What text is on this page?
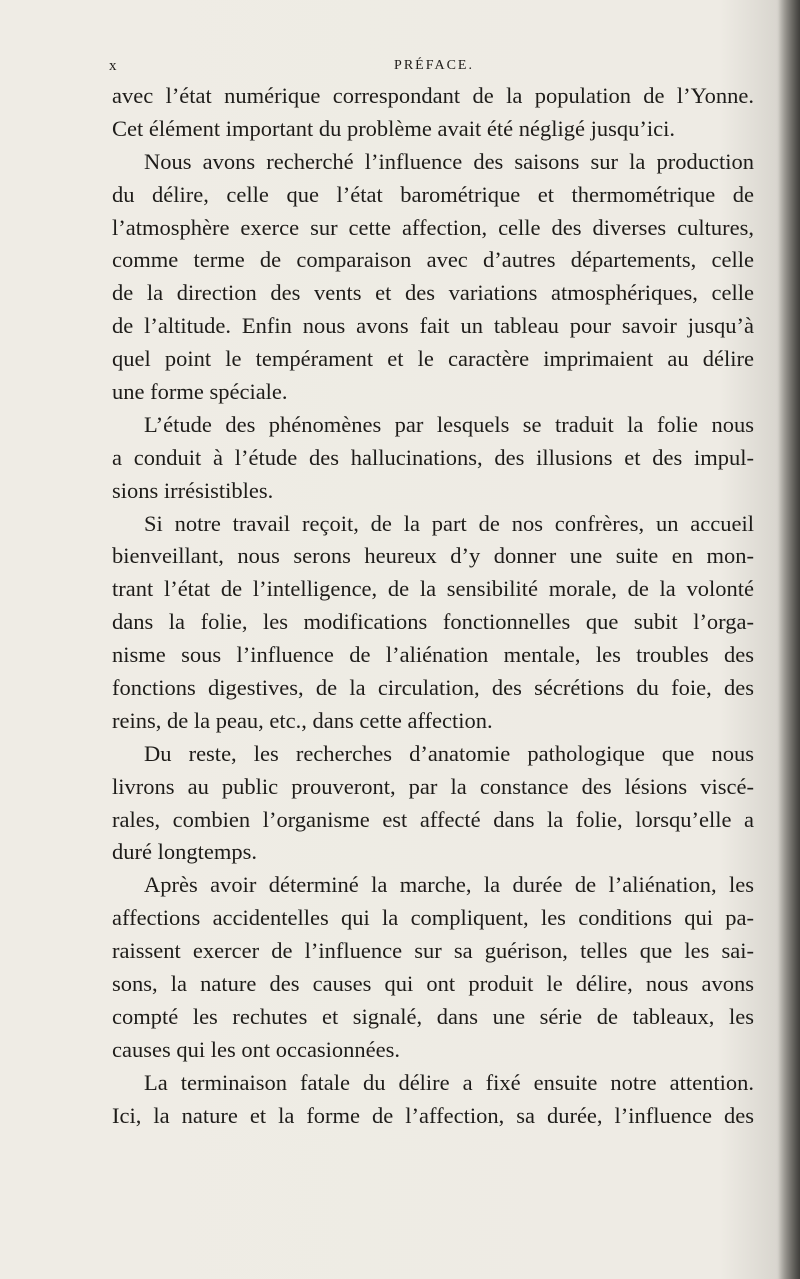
x	PRÉFACE.
avec l’état numérique correspondant de la population de l’Yonne.
Cet élément important du problème avait été négligé jusqu’ici.
Nous avons recherché l’influence des saisons sur la production
du délire, celle que l’état barométrique et thermométrique de
l’atmosphère exerce sur cette affection, celle des diverses cultures,
comme terme de comparaison avec d’autres départements, celle
de la direction des vents et des variations atmosphériques, celle
de l’altitude. Enfin nous avons fait un tableau pour savoir jusqu’à
quel point le tempérament et le caractère imprimaient au délire
une forme spéciale.
L’étude des phénomènes par lesquels se traduit la folie nous
a conduit à l’étude des hallucinations, des illusions et des impul-
sions irrésistibles.
Si notre travail reçoit, de la part de nos confrères, un accueil
bienveillant, nous serons heureux d’y donner une suite en mon-
trant l’état de l’intelligence, de la sensibilité morale, de la volonté
dans la folie, les modifications fonctionnelles que subit l’orga-
nisme sous l’influence de l’aliénation mentale, les troubles des
fonctions digestives, de la circulation, des sécrétions du foie, des
reins, de la peau, etc., dans cette affection.
Du reste, les recherches d’anatomie pathologique que nous
livrons au public prouveront, par la constance des lésions viscé-
rales, combien l’organisme est affecté dans la folie, lorsqu’elle a
duré longtemps.
Après avoir déterminé la marche, la durée de l’aliénation, les
affections accidentelles qui la compliquent, les conditions qui pa-
raissent exercer de l’influence sur sa guérison, telles que les sai-
sons, la nature des causes qui ont produit le délire, nous avons
compté les rechutes et signalé, dans une série de tableaux, les
causes qui les ont occasionnées.
La terminaison fatale du délire a fixé ensuite notre attention.
Ici, la nature et la forme de l’affection, sa durée, l’influence des
